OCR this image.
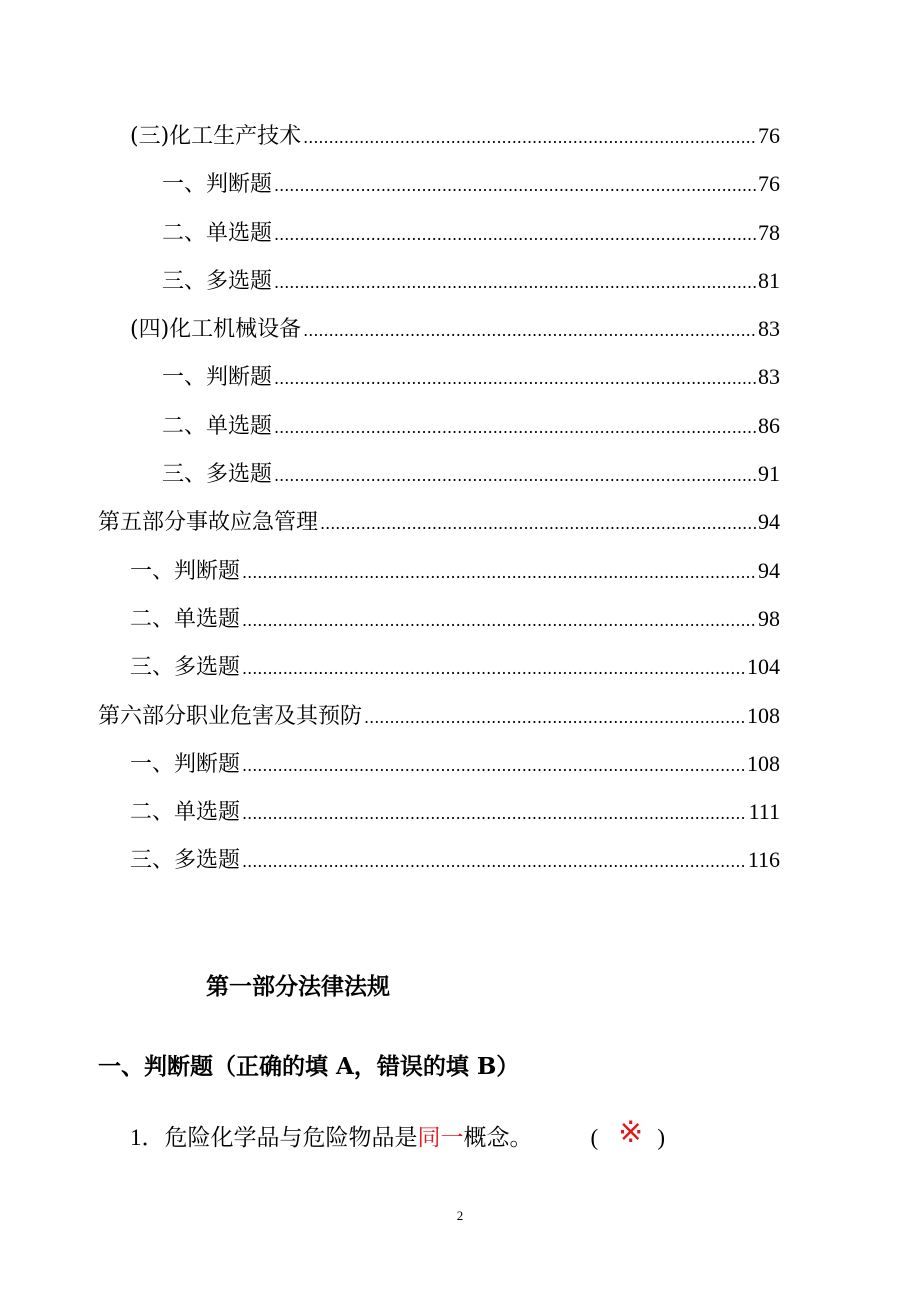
(三)化工生产技术 .....	76
一、判断题 .....	76
二、单选题 .....	78
三、多选题 .....	81
(四)化工机械设备 .....	83
一、判断题 .....	83
二、单选题 .....	86
三、多选题 .....	91
第五部分事故应急管理 .....	94
一、判断题 .....	94
二、单选题 .....	98
三、多选题 .....	104
第六部分职业危害及其预防 .....	108
一、判断题 .....	108
二、单选题 .....	111
三、多选题 .....	116
第一部分法律法规
一、判断题（正确的填 A，错误的填 B）
1． 危险化学品与危险物品是 同一 概念。	( ※ )
2
